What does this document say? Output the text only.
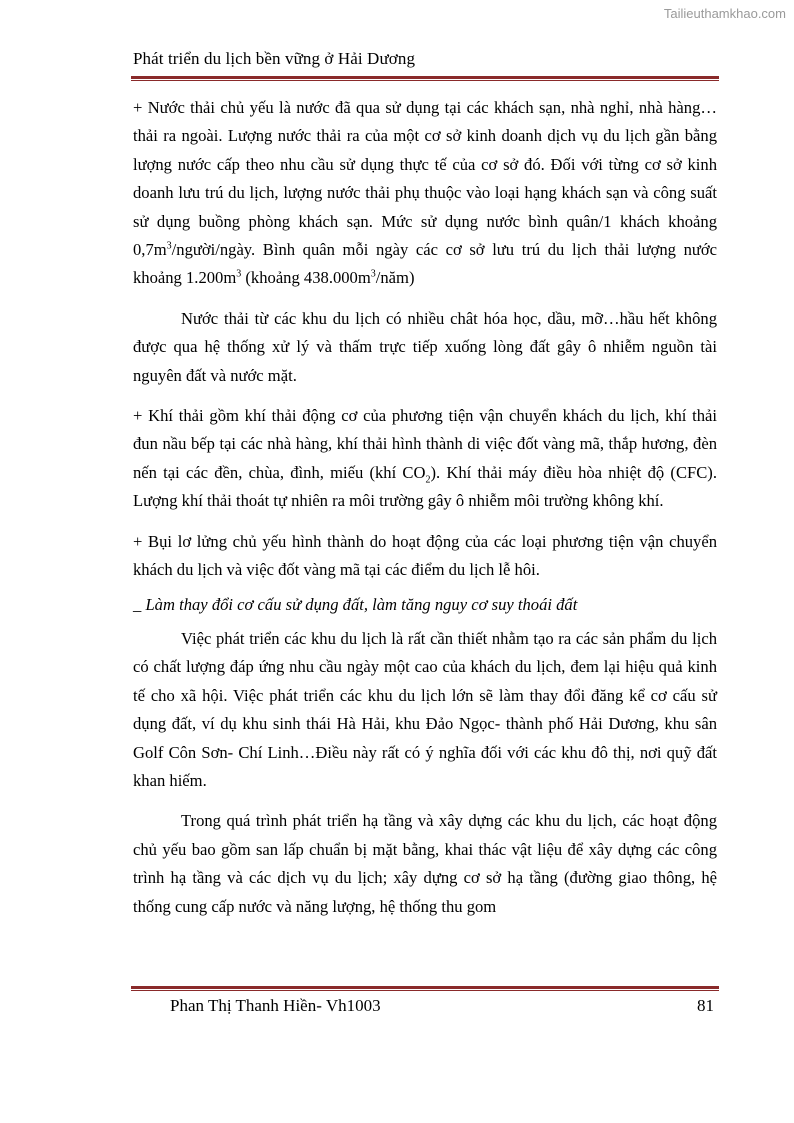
Tailieuthamkhao.com
Phát triển du lịch bền vững ở Hải Dương

+ Nước thải chủ yếu là nước đã qua sử dụng tại các khách sạn, nhà nghỉ, nhà hàng… thải ra ngoài. Lượng nước thải ra của một cơ sở kinh doanh dịch vụ du lịch gần bằng lượng nước cấp theo nhu cầu sử dụng thực tế của cơ sở đó. Đối với từng cơ sở kinh doanh lưu trú du lịch, lượng nước thải phụ thuộc vào loại hạng khách sạn và công suất sử dụng buồng phòng khách sạn. Mức sử dụng nước bình quân/1 khách khoảng $0,7m^3/người$/ngày. Bình quân mỗi ngày các cơ sở lưu trú du lịch thải lượng nước khoảng $1.200m^3$ (khoảng $438.000m^3/năm$)

Nước thải từ các khu du lịch có nhiều chât hóa học, dầu, mỡ…hầu hết không được qua hệ thống xử lý và thấm trực tiếp xuống lòng đất gây ô nhiễm nguồn tài nguyên đất và nước mặt.

+ Khí thải gồm khí thải động cơ của phương tiện vận chuyển khách du lịch, khí thải đun nầu bếp tại các nhà hàng, khí thải hình thành di việc đốt vàng mã, thắp hương, đèn nến tại các đền, chùa, đình, miếu (khí $CO_2$). Khí thải máy điều hòa nhiệt độ (CFC). Lượng khí thải thoát tự nhiên ra môi trường gây ô nhiễm môi trường không khí.

+ Bụi lơ lửng chủ yếu hình thành do hoạt động của các loại phương tiện vận chuyển khách du lịch và việc đốt vàng mã tại các điểm du lịch lễ hôi.

_ Làm thay đổi cơ cấu sử dụng đất, làm tăng nguy cơ suy thoái đất

Việc phát triển các khu du lịch là rất cần thiết nhằm tạo ra các sản phẩm du lịch có chất lượng đáp ứng nhu cầu ngày một cao của khách du lịch, đem lại hiệu quả kinh tế cho xã hội. Việc phát triển các khu du lịch lớn sẽ làm thay đổi đăng kể cơ cấu sử dụng đất, ví dụ khu sinh thái Hà Hải, khu Đảo Ngọc- thành phố Hải Dương, khu sân Golf Côn Sơn- Chí Linh…Điều này rất có ý nghĩa đối với các khu đô thị, nơi quỹ đất khan hiếm.

Trong quá trình phát triển hạ tầng và xây dựng các khu du lịch, các hoạt động chủ yếu bao gồm san lấp chuẩn bị mặt bằng, khai thác vật liệu để xây dựng các công trình hạ tầng và các dịch vụ du lịch; xây dựng cơ sở hạ tầng (đường giao thông, hệ thống cung cấp nước và năng lượng, hệ thống thu gom

Phan Thị Thanh Hiền- Vh1003	81
